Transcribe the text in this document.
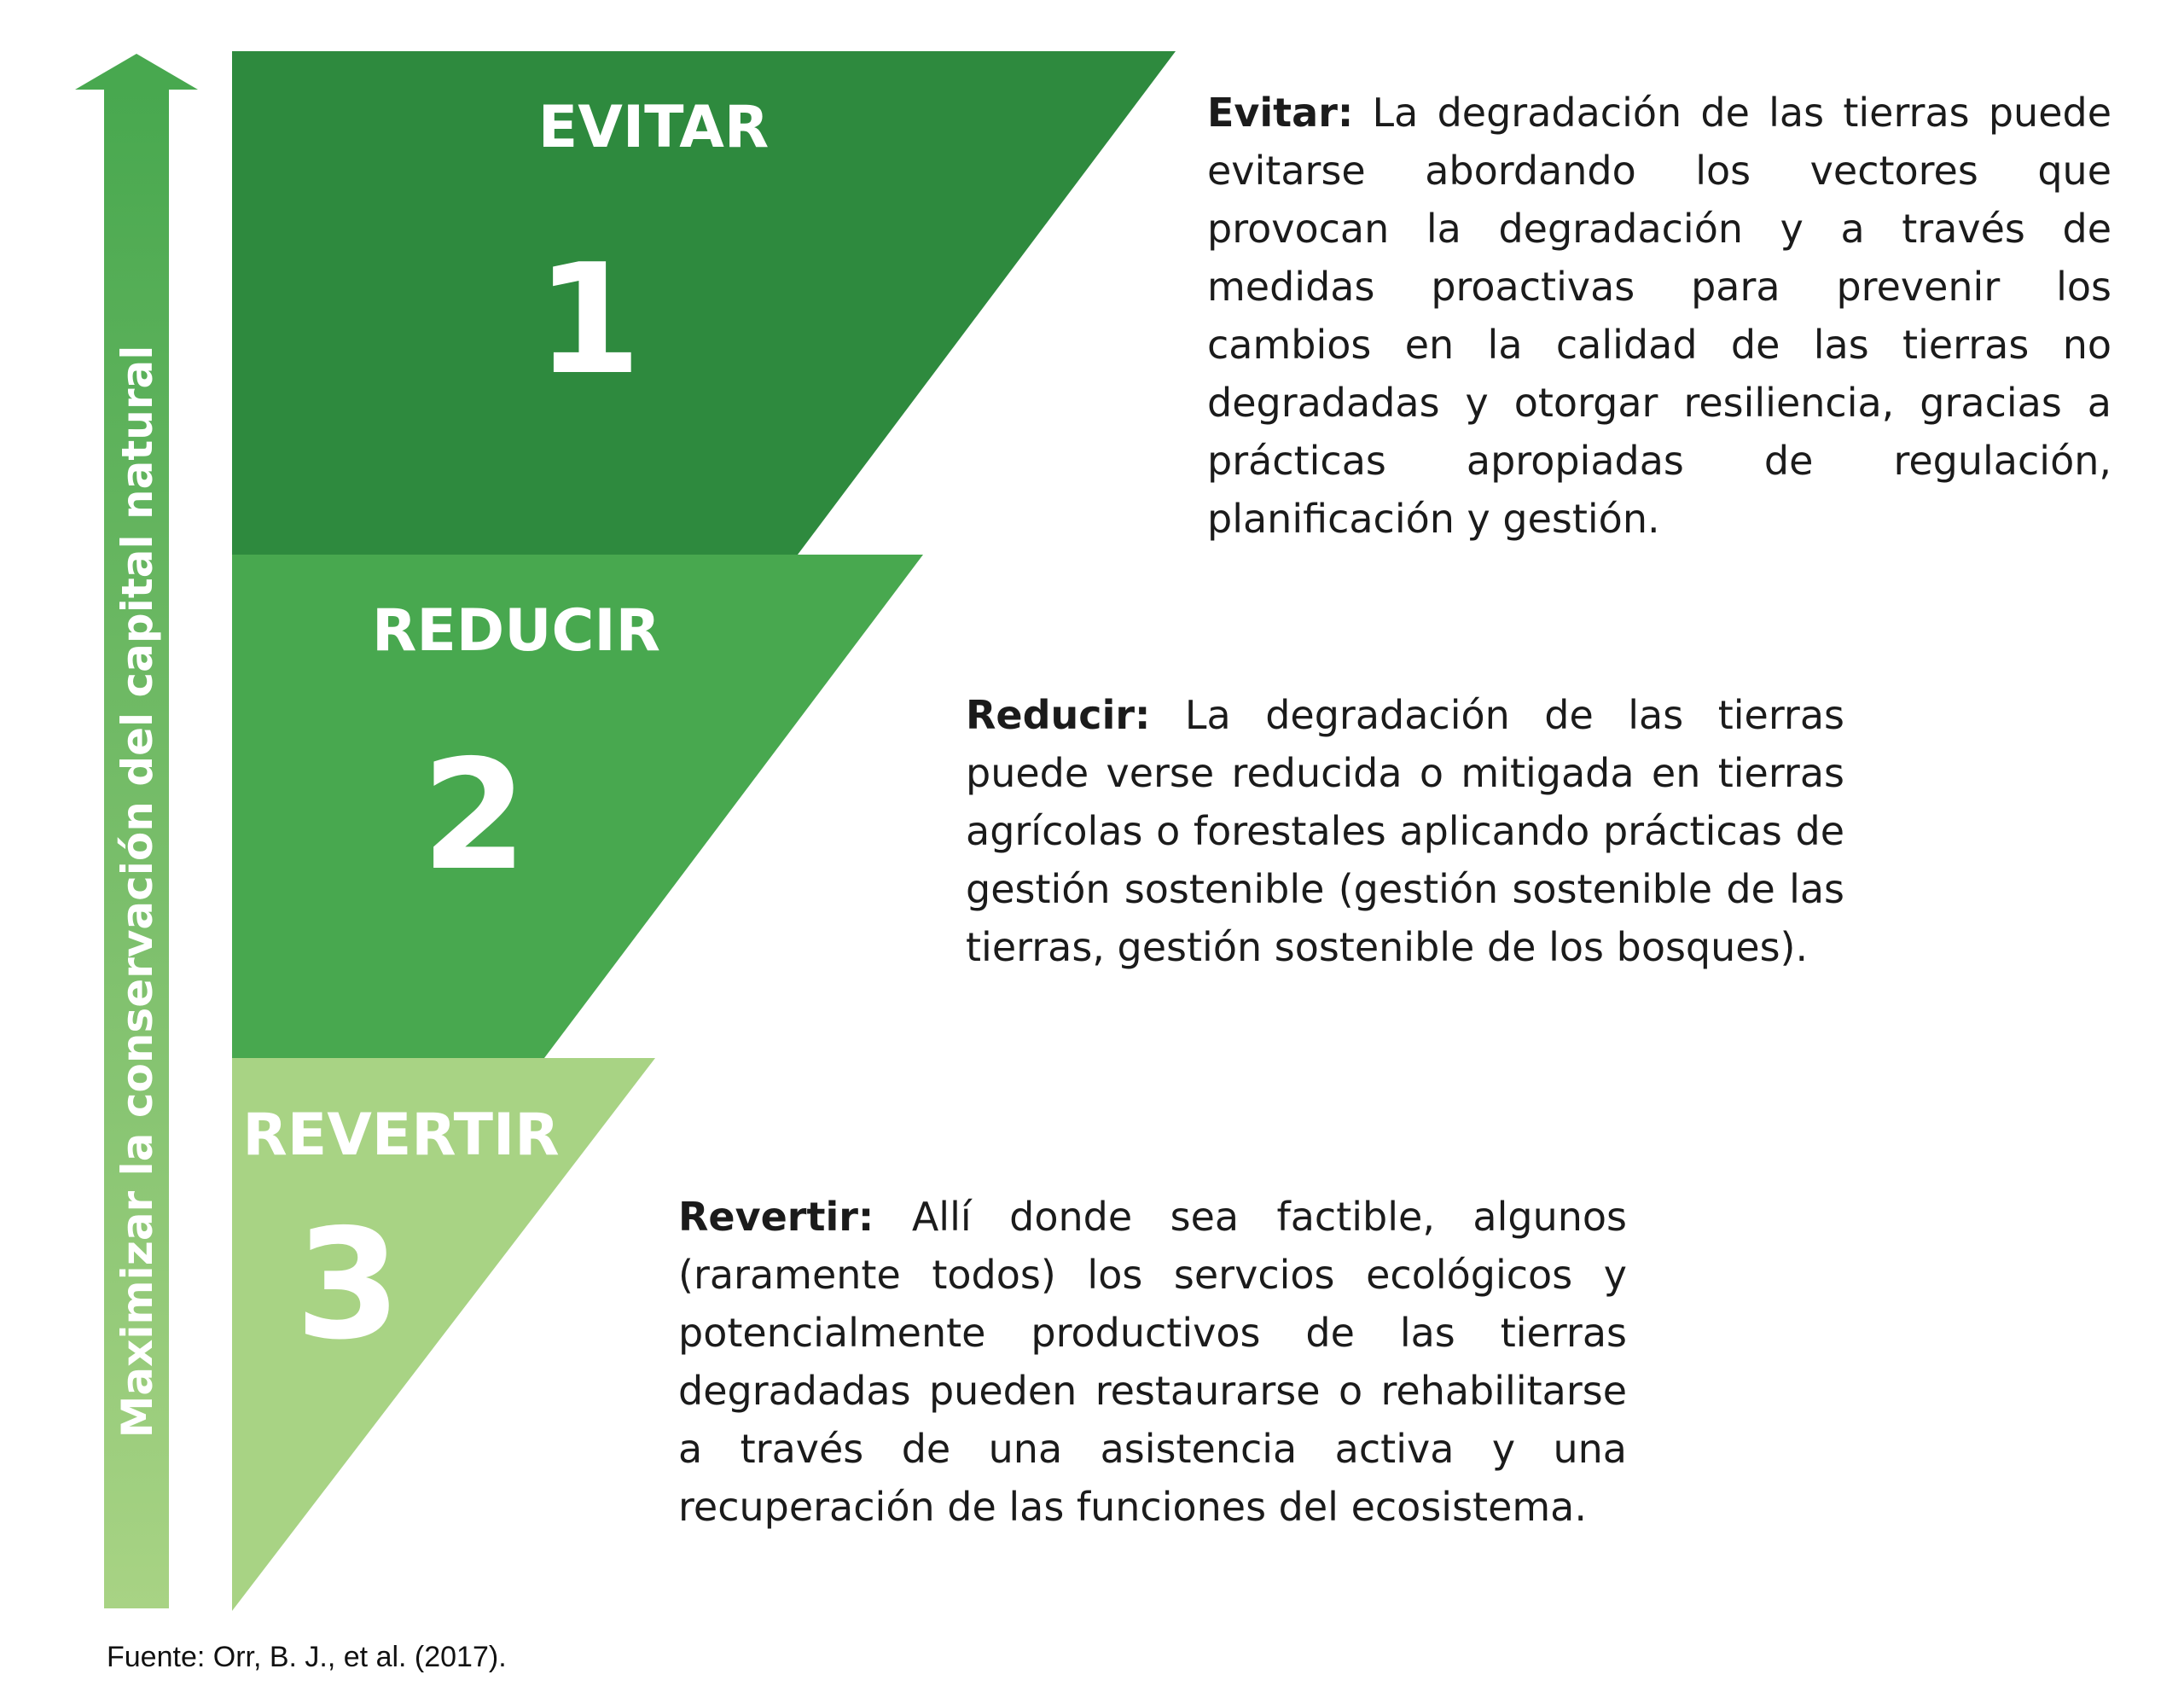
Maximizar la conservación del capital natural
EVITAR
1
REDUCIR
2
REVERTIR
3

Evitar: La degradación de las tierras puede evitarse abordando los vectores que provocan la degradación y a través de medidas proactivas para prevenir los cambios en la calidad de las tierras no degradadas y otorgar resiliencia, gracias a prácticas apropiadas de regulación, planificación y gestión.

Reducir: La degradación de las tierras puede verse reducida o mitigada en tierras agrícolas o forestales aplicando prácticas de gestión sostenible (gestión sostenible de las tierras, gestión sostenible de los bosques).

Revertir: Allí donde sea factible, algunos (raramente todos) los servcios ecológicos y potencialmente productivos de las tierras degradadas pueden restaurarse o rehabilitarse a través de una asistencia activa y una recuperación de las funciones del ecosistema.

Fuente: Orr, B. J., et al. (2017).
